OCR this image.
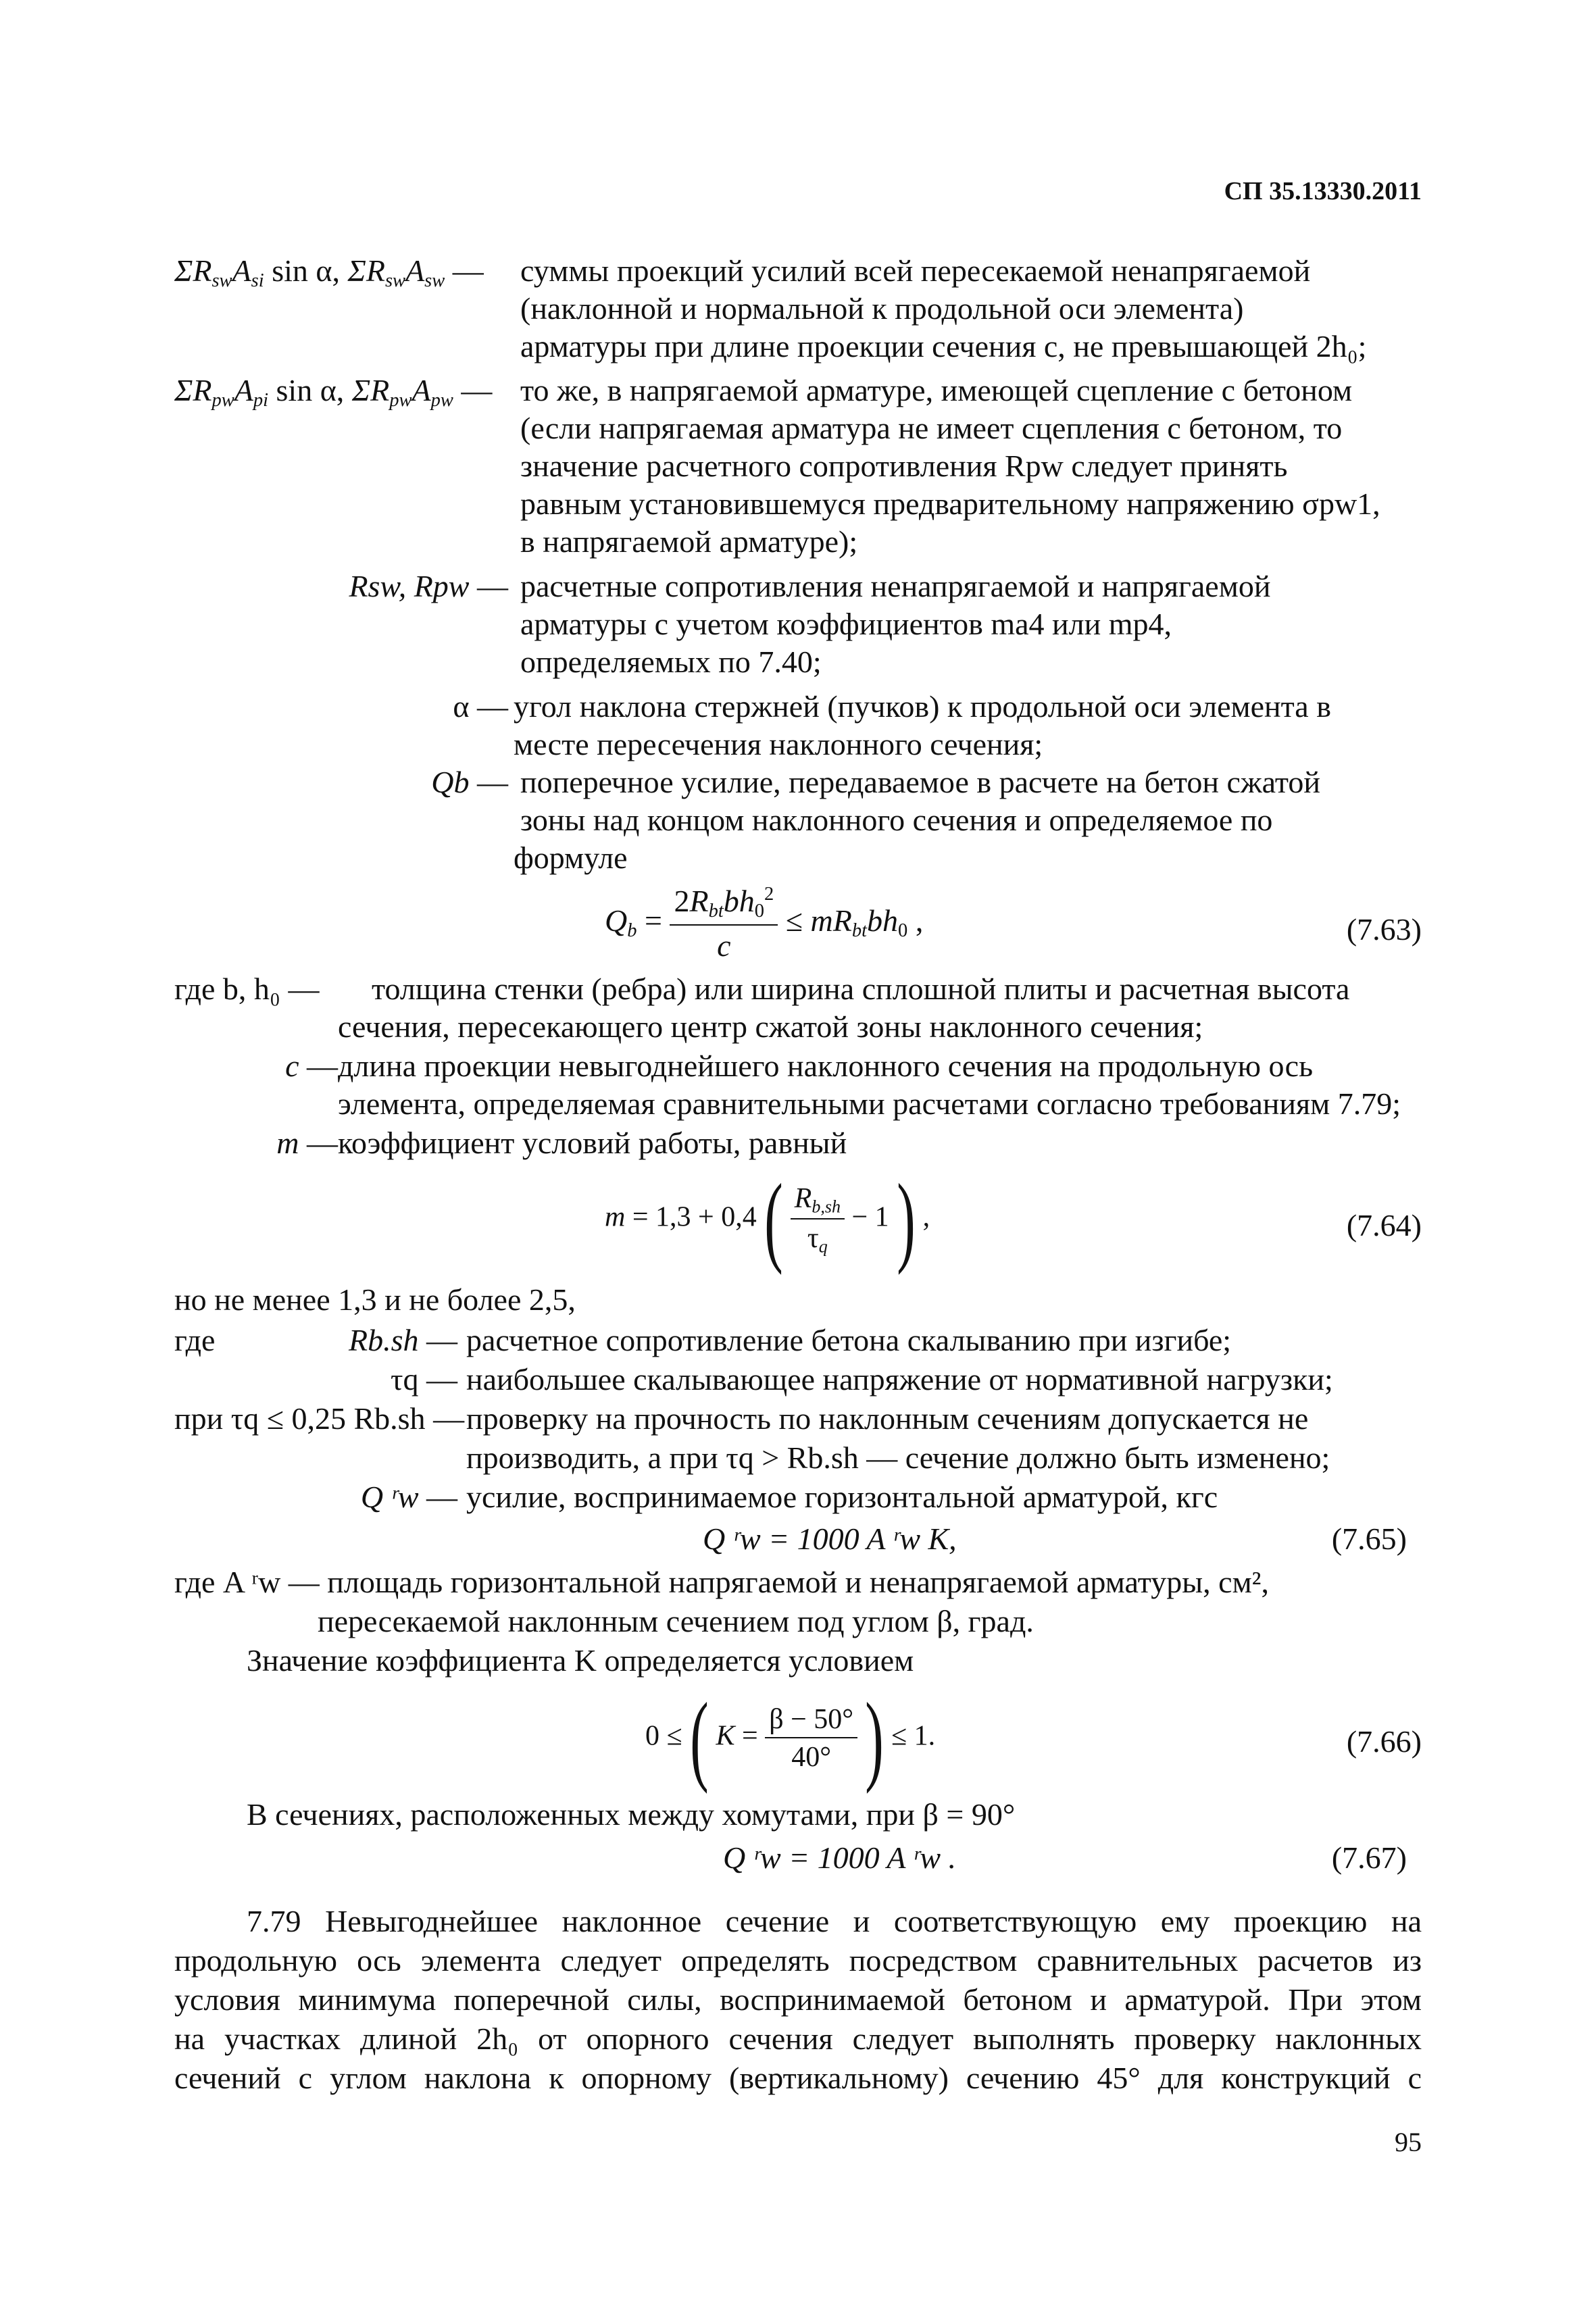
СП 35.13330.2011
$\Sigma R_{sw}A_{si}$ sin α, $\Sigma R_{sw}A_{sw}$ — суммы проекций усилий всей пересекаемой ненапрягаемой
(наклонной и нормальной к продольной оси элемента)
арматуры при длине проекции сечения c, не превышающей 2h₀;
$\Sigma R_{pw}A_{pi}$ sin α, $\Sigma R_{pw}A_{pw}$ — то же, в напрягаемой арматуре, имеющей сцепление с бетоном
(если напрягаемая арматура не имеет сцепления с бетоном, то
значение расчетного сопротивления Rpw следует принять
равным установившемуся предварительному напряжению σpw1,
в напрягаемой арматуре);
Rsw, Rpw — расчетные сопротивления ненапрягаемой и напрягаемой
арматуры с учетом коэффициентов ma4 или mp4,
определяемых по 7.40;
α — угол наклона стержней (пучков) к продольной оси элемента в
месте пересечения наклонного сечения;
Qb — поперечное усилие, передаваемое в расчете на бетон сжатой
зоны над концом наклонного сечения и определяемое по
формуле
$Q_b = \frac{2R_{bt}bh_0^2}{c} \le mR_{bt}bh_0$ ,	(7.63)
где b, h₀ — толщина стенки (ребра) или ширина сплошной плиты и расчетная высота
сечения, пересекающего центр сжатой зоны наклонного сечения;
c — длина проекции невыгоднейшего наклонного сечения на продольную ось
элемента, определяемая сравнительными расчетами согласно требованиям 7.79;
m — коэффициент условий работы, равный
$m = 1,3 + 0,4( \frac{R_{b,sh}}{\tau_q} - 1)$ ,	(7.64)
но не менее 1,3 и не более 2,5,
где	Rb.sh — расчетное сопротивление бетона скалыванию при изгибе;
τq — наибольшее скалывающее напряжение от нормативной нагрузки;
при τq ≤ 0,25 Rb.sh — проверку на прочность по наклонным сечениям допускается не
производить, а при τq > Rb.sh — сечение должно быть изменено;
Q ʳw — усилие, воспринимаемое горизонтальной арматурой, кгс
Q ʳw = 1000 A ʳw K,	(7.65)
где A ʳw — площадь горизонтальной напрягаемой и ненапрягаемой арматуры, см²,
пересекаемой наклонным сечением под углом β, град.
Значение коэффициента K определяется условием
0 ≤( $K = \frac{\beta - 50^\circ}{40^\circ}$ ) ≤ 1.	(7.66)
В сечениях, расположенных между хомутами, при β = 90°
Q ʳw = 1000 A ʳw .	(7.67)
7.79 Невыгоднейшее наклонное сечение и соответствующую ему проекцию на
продольную ось элемента следует определять посредством сравнительных расчетов из
условия минимума поперечной силы, воспринимаемой бетоном и арматурой. При этом
на участках длиной 2h₀ от опорного сечения следует выполнять проверку наклонных
сечений с углом наклона к опорному (вертикальному) сечению 45° для конструкций с
95
